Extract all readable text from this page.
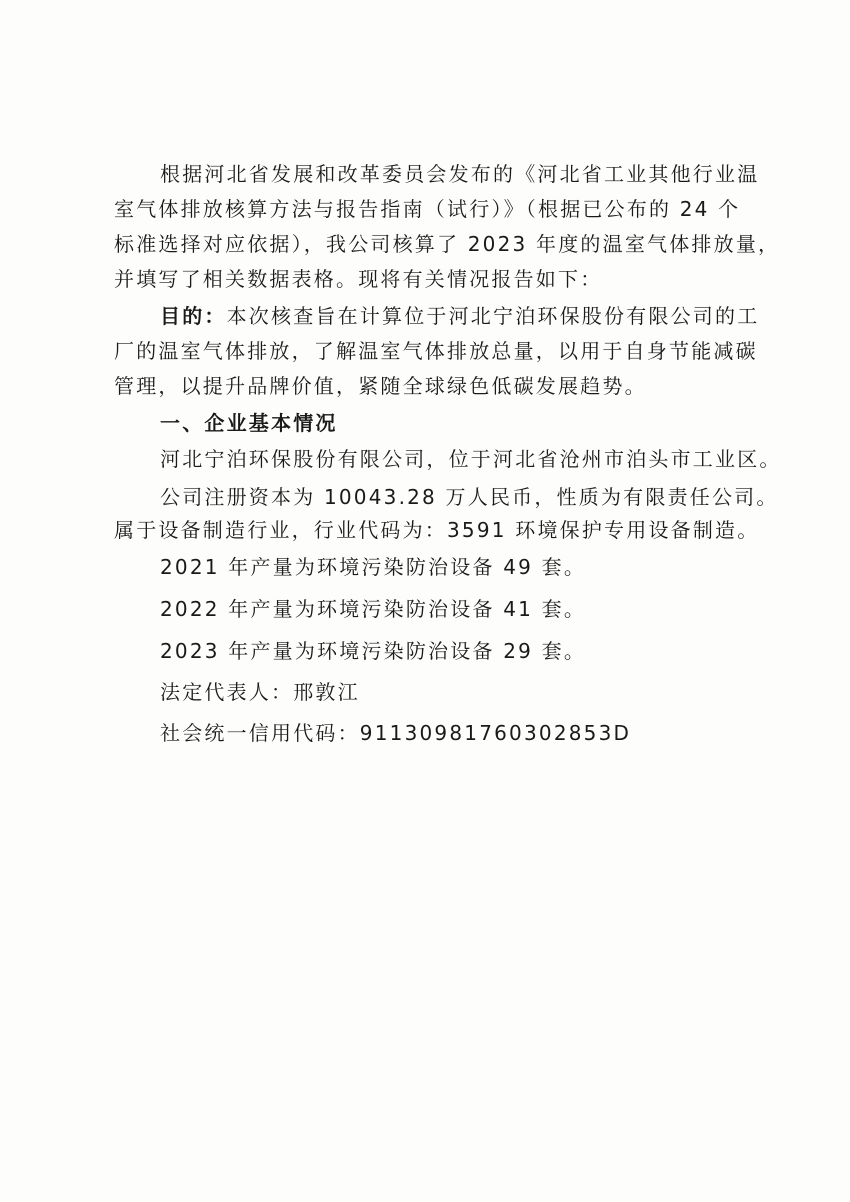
根据河北省发展和改革委员会发布的《河北省工业其他行业温
室气体排放核算方法与报告指南（试行）》（根据已公布的 24 个
标准选择对应依据），我公司核算了 2023 年度的温室气体排放量，
并填写了相关数据表格。现将有关情况报告如下：
目的：本次核查旨在计算位于河北宁泊环保股份有限公司的工
厂的温室气体排放，了解温室气体排放总量，以用于自身节能减碳
管理，以提升品牌价值，紧随全球绿色低碳发展趋势。
一、企业基本情况
河北宁泊环保股份有限公司，位于河北省沧州市泊头市工业区。
公司注册资本为 10043.28 万人民币，性质为有限责任公司。
属于设备制造行业，行业代码为：3591 环境保护专用设备制造。
2021 年产量为环境污染防治设备 49 套。
2022 年产量为环境污染防治设备 41 套。
2023 年产量为环境污染防治设备 29 套。
法定代表人：邢敦江
社会统一信用代码：91130981760302853D
